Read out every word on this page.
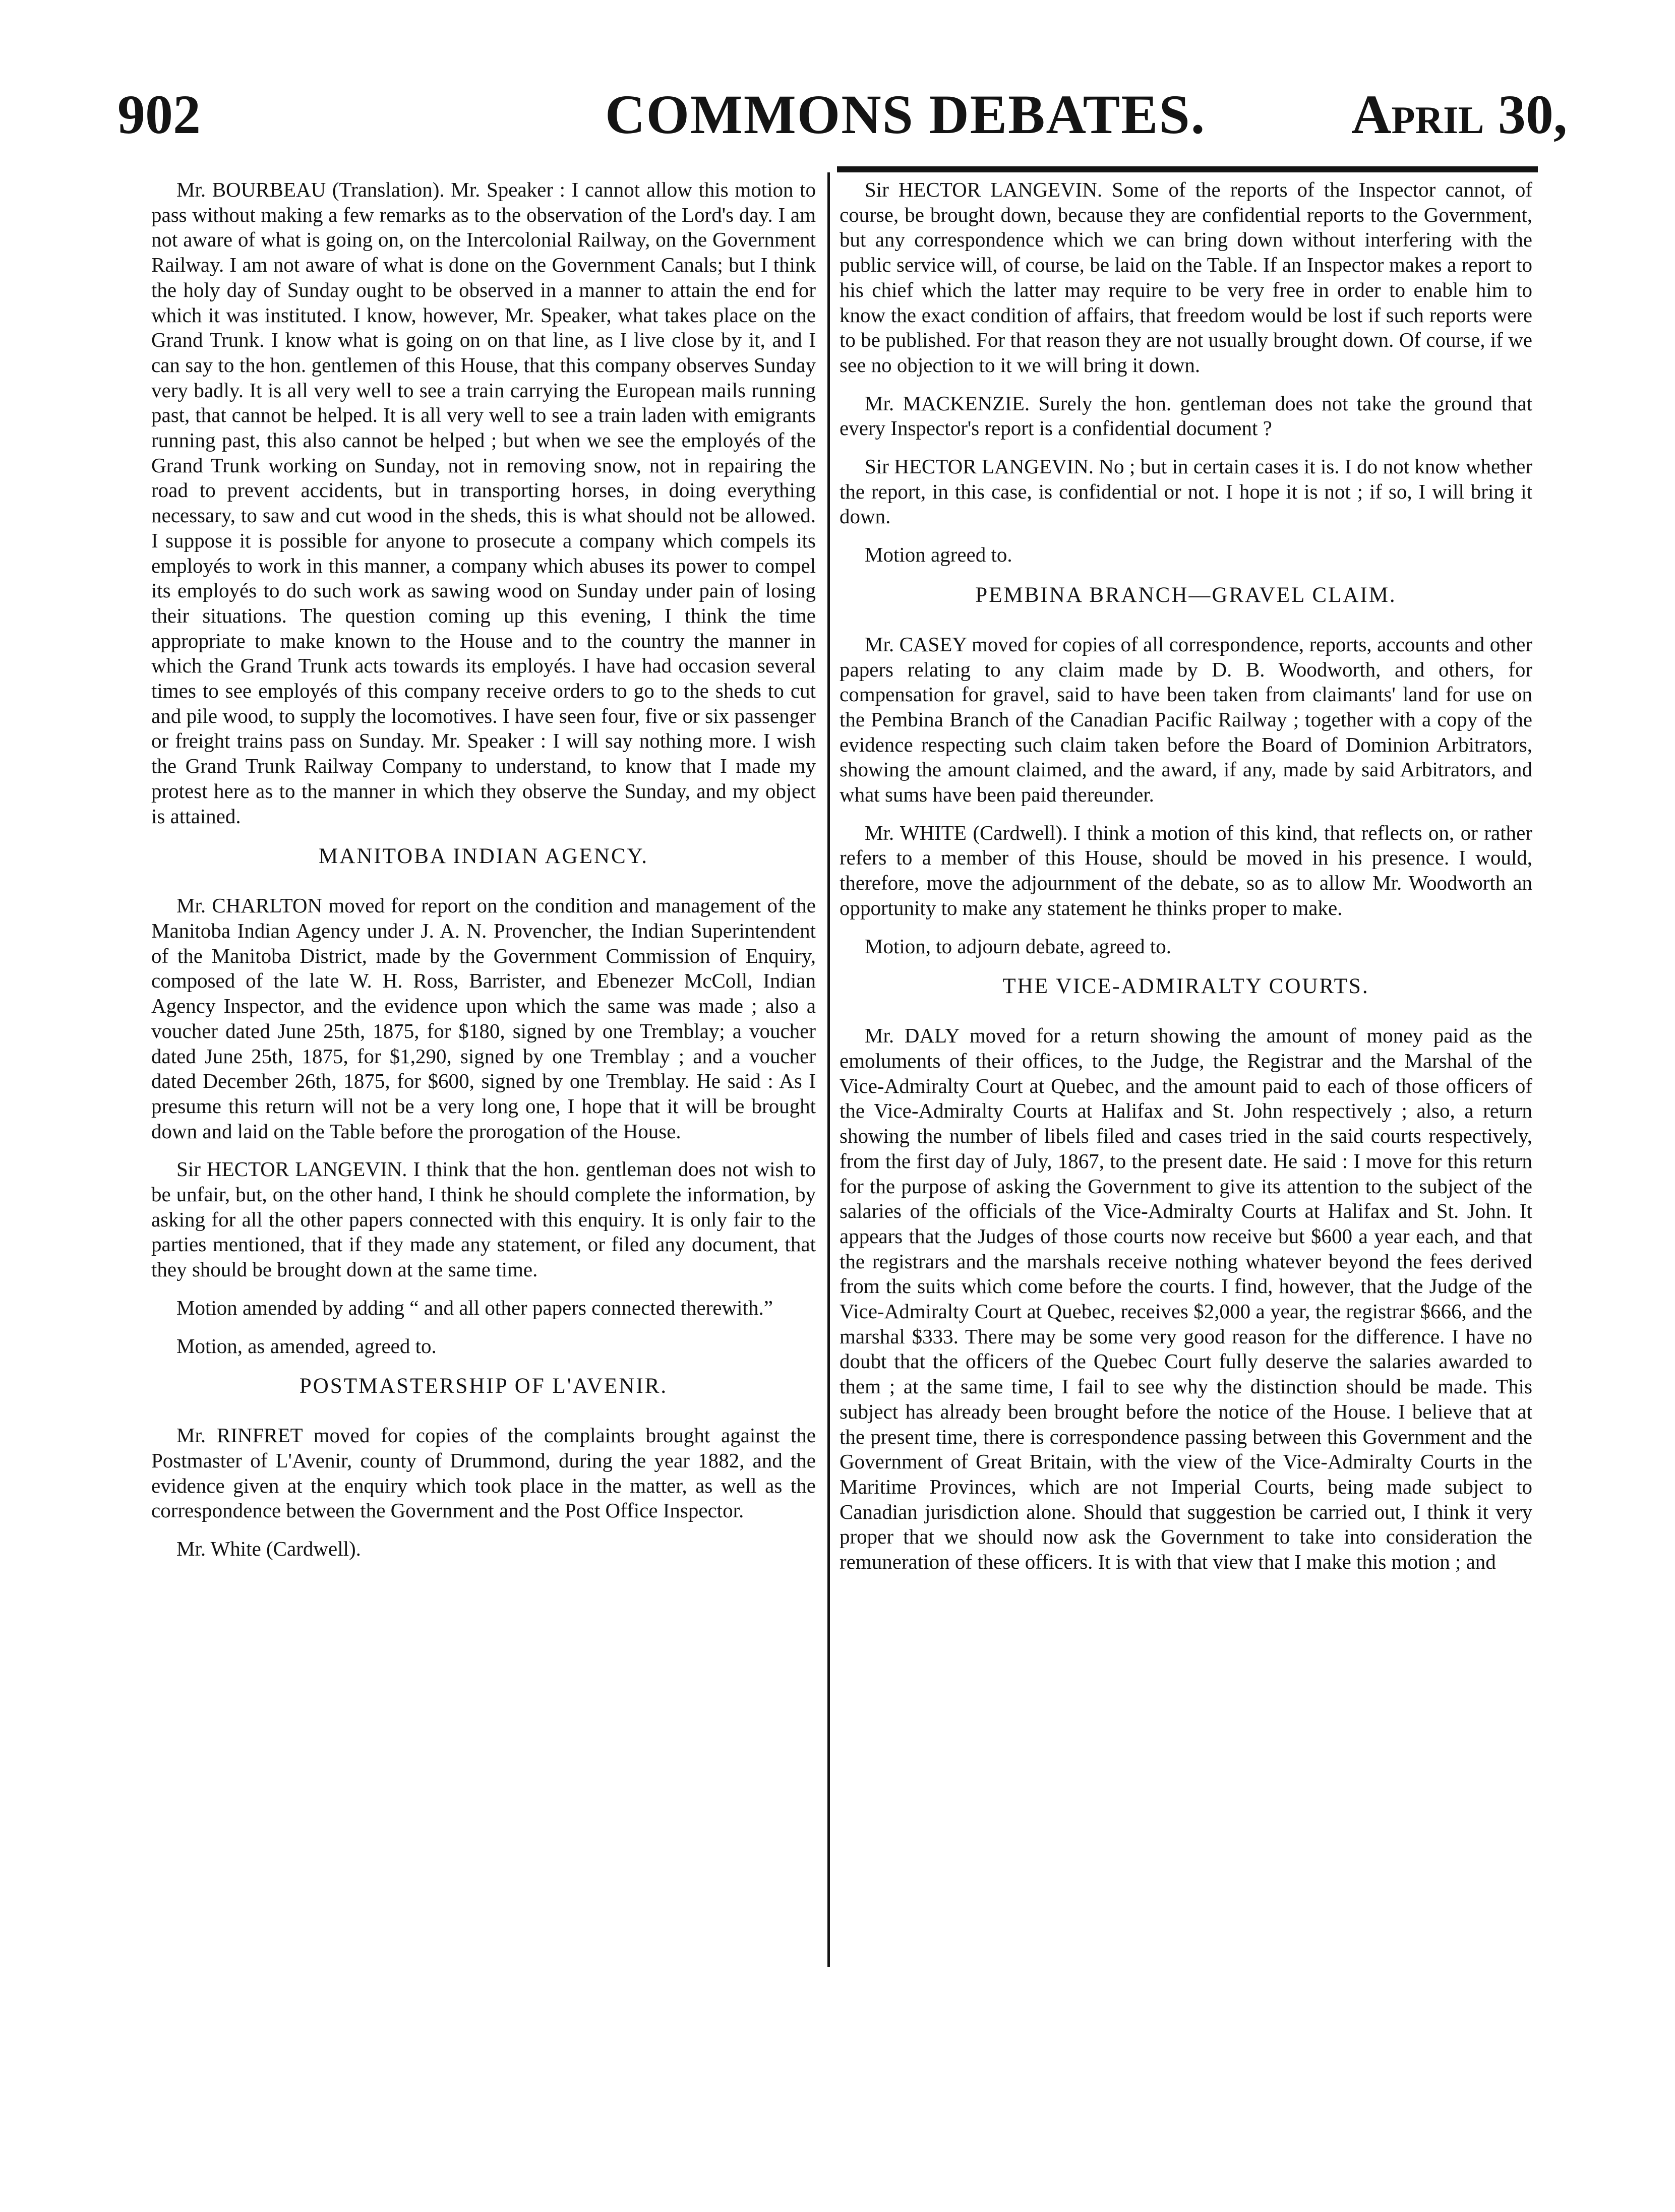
902	COMMONS DEBATES.	April 30,

Mr. BOURBEAU (Translation). Mr. Speaker : I cannot allow this motion to pass without making a few remarks as to the observation of the Lord's day. I am not aware of what is going on, on the Intercolonial Railway, on the Government Railway. I am not aware of what is done on the Government Canals; but I think the holy day of Sunday ought to be observed in a manner to attain the end for which it was instituted. I know, however, Mr. Speaker, what takes place on the Grand Trunk. I know what is going on on that line, as I live close by it, and I can say to the hon. gentlemen of this House, that this company observes Sunday very badly. It is all very well to see a train carrying the European mails running past, that cannot be helped. It is all very well to see a train laden with emigrants running past, this also cannot be helped ; but when we see the employés of the Grand Trunk working on Sunday, not in removing snow, not in repairing the road to prevent accidents, but in transporting horses, in doing everything necessary, to saw and cut wood in the sheds, this is what should not be allowed. I suppose it is possible for anyone to prosecute a company which compels its employés to work in this manner, a company which abuses its power to compel its employés to do such work as sawing wood on Sunday under pain of losing their situations. The question coming up this evening, I think the time appropriate to make known to the House and to the country the manner in which the Grand Trunk acts towards its employés. I have had occasion several times to see employés of this company receive orders to go to the sheds to cut and pile wood, to supply the locomotives. I have seen four, five or six passenger or freight trains pass on Sunday. Mr. Speaker : I will say nothing more. I wish the Grand Trunk Railway Company to understand, to know that I made my protest here as to the manner in which they observe the Sunday, and my object is attained.

MANITOBA INDIAN AGENCY.

Mr. CHARLTON moved for report on the condition and management of the Manitoba Indian Agency under J. A. N. Provencher, the Indian Superintendent of the Manitoba District, made by the Government Commission of Enquiry, composed of the late W. H. Ross, Barrister, and Ebenezer McColl, Indian Agency Inspector, and the evidence upon which the same was made ; also a voucher dated June 25th, 1875, for $180, signed by one Tremblay; a voucher dated June 25th, 1875, for $1,290, signed by one Tremblay ; and a voucher dated December 26th, 1875, for $600, signed by one Tremblay. He said : As I presume this return will not be a very long one, I hope that it will be brought down and laid on the Table before the prorogation of the House.

Sir HECTOR LANGEVIN. I think that the hon. gentleman does not wish to be unfair, but, on the other hand, I think he should complete the information, by asking for all the other papers connected with this enquiry. It is only fair to the parties mentioned, that if they made any statement, or filed any document, that they should be brought down at the same time.

Motion amended by adding “ and all other papers connected therewith.”

Motion, as amended, agreed to.

POSTMASTERSHIP OF L'AVENIR.

Mr. RINFRET moved for copies of the complaints brought against the Postmaster of L'Avenir, county of Drummond, during the year 1882, and the evidence given at the enquiry which took place in the matter, as well as the correspondence between the Government and the Post Office Inspector.

Mr. White (Cardwell).

Sir HECTOR LANGEVIN. Some of the reports of the Inspector cannot, of course, be brought down, because they are confidential reports to the Government, but any correspondence which we can bring down without interfering with the public service will, of course, be laid on the Table. If an Inspector makes a report to his chief which the latter may require to be very free in order to enable him to know the exact condition of affairs, that freedom would be lost if such reports were to be published. For that reason they are not usually brought down. Of course, if we see no objection to it we will bring it down.

Mr. MACKENZIE. Surely the hon. gentleman does not take the ground that every Inspector's report is a confidential document ?

Sir HECTOR LANGEVIN. No ; but in certain cases it is. I do not know whether the report, in this case, is confidential or not. I hope it is not ; if so, I will bring it down.

Motion agreed to.

PEMBINA BRANCH—GRAVEL CLAIM.

Mr. CASEY moved for copies of all correspondence, reports, accounts and other papers relating to any claim made by D. B. Woodworth, and others, for compensation for gravel, said to have been taken from claimants' land for use on the Pembina Branch of the Canadian Pacific Railway ; together with a copy of the evidence respecting such claim taken before the Board of Dominion Arbitrators, showing the amount claimed, and the award, if any, made by said Arbitrators, and what sums have been paid thereunder.

Mr. WHITE (Cardwell). I think a motion of this kind, that reflects on, or rather refers to a member of this House, should be moved in his presence. I would, therefore, move the adjournment of the debate, so as to allow Mr. Woodworth an opportunity to make any statement he thinks proper to make.

Motion, to adjourn debate, agreed to.

THE VICE-ADMIRALTY COURTS.

Mr. DALY moved for a return showing the amount of money paid as the emoluments of their offices, to the Judge, the Registrar and the Marshal of the Vice-Admiralty Court at Quebec, and the amount paid to each of those officers of the Vice-Admiralty Courts at Halifax and St. John respectively ; also, a return showing the number of libels filed and cases tried in the said courts respectively, from the first day of July, 1867, to the present date. He said : I move for this return for the purpose of asking the Government to give its attention to the subject of the salaries of the officials of the Vice-Admiralty Courts at Halifax and St. John. It appears that the Judges of those courts now receive but $600 a year each, and that the registrars and the marshals receive nothing whatever beyond the fees derived from the suits which come before the courts. I find, however, that the Judge of the Vice-Admiralty Court at Quebec, receives $2,000 a year, the registrar $666, and the marshal $333. There may be some very good reason for the difference. I have no doubt that the officers of the Quebec Court fully deserve the salaries awarded to them ; at the same time, I fail to see why the distinction should be made. This subject has already been brought before the notice of the House. I believe that at the present time, there is correspondence passing between this Government and the Government of Great Britain, with the view of the Vice-Admiralty Courts in the Maritime Provinces, which are not Imperial Courts, being made subject to Canadian jurisdiction alone. Should that suggestion be carried out, I think it very proper that we should now ask the Government to take into consideration the remuneration of these officers. It is with that view that I make this motion ; and
